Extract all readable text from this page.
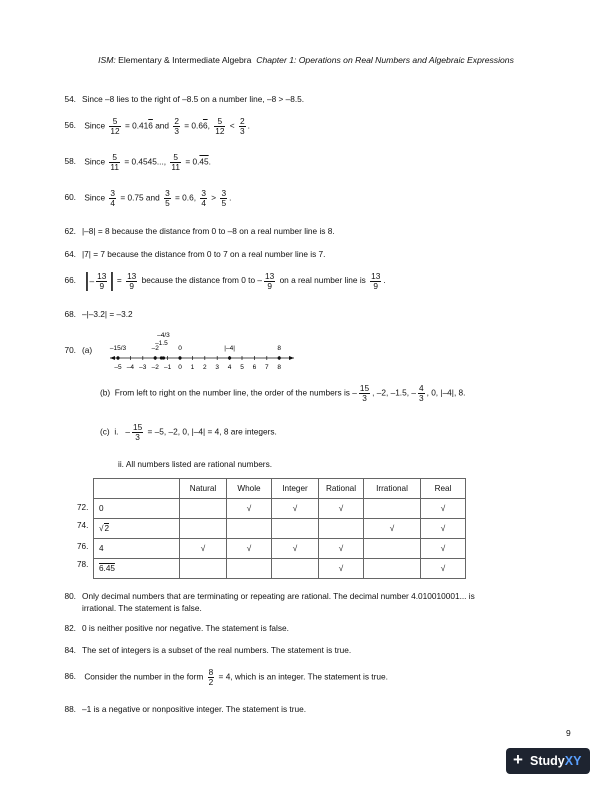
ISM: Elementary & Intermediate Algebra Chapter 1: Operations on Real Numbers and Algebraic Expressions
54. Since –8 lies to the right of –8.5 on a number line, –8 > –8.5.
56. Since $\frac{5}{12} = 0.416$ and $\frac{2}{3} = 0.66$, $\frac{5}{12} < \frac{2}{3}$ .
58. Since $\frac{5}{11} = 0.4545$..., $\frac{5}{11} = 0.45$.
60. Since $\frac{3}{4} = 0.75$ and $\frac{3}{5} = 0.6$, $\frac{3}{4} > \frac{3}{5}$ .
62. |–8| = 8 because the distance from 0 to –8 on a real number line is 8.
64. |7| = 7 because the distance from 0 to 7 on a real number line is 7.
66. |– $\frac{13}{9}$ | = $\frac{13}{9}$ because the distance from 0 to – $\frac{13}{9}$ on a real number line is $\frac{13}{9}$ .
68. –|–3.2| = –3.2
70. (a)
–5 –4 –3 –2 –1 0 1 2 3 4 5 6 7 8
–15/3	–2
–1.5
–4/3
0	|–4|	8
(b) From left to right on the number line, the order of the numbers is – $\frac{15}{3}$ , –2, –1.5, – $\frac{4}{3}$ , 0, |–4|, 8.
(c) i.   – $\frac{15}{3} = -5$, –2, 0, |–4| = 4, 8 are integers.
ii. All numbers listed are rational numbers.
	Natural	Whole	Integer	Rational	Irrational	Real
0		√	√	√		√
√2					√	√
4	√	√	√	√		√
6.45				√		√
72.
74.
76.
78.
80. Only decimal numbers that are terminating or repeating are rational. The decimal number 4.010010001... is
irrational. The statement is false.
82. 0 is neither positive nor negative. The statement is false.
84. The set of integers is a subset of the real numbers. The statement is true.
86. Consider the number in the form $\frac{8}{2} = 4$, which is an integer. The statement is true.
88. –1 is a negative or nonpositive integer. The statement is true.
9
+ StudyXY
